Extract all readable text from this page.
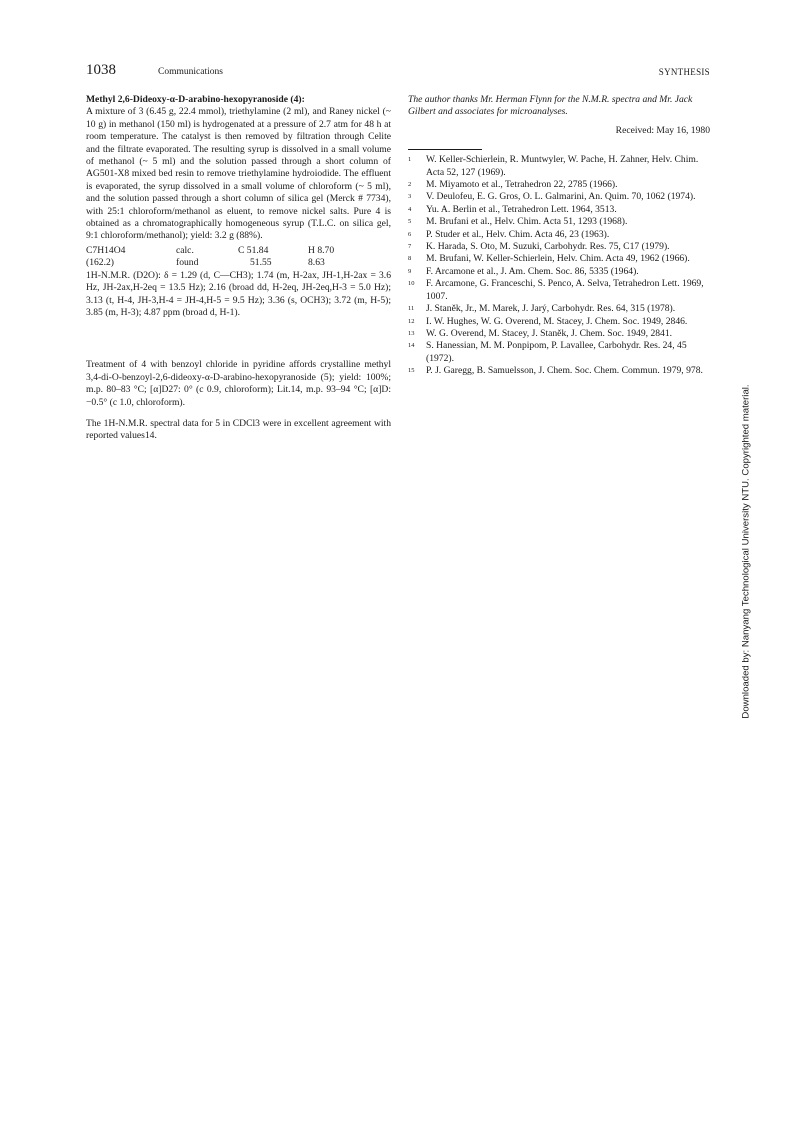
1038	Communications	SYNTHESIS

Methyl 2,6-Dideoxy-α-D-arabino-hexopyranoside (4):

A mixture of 3 (6.45 g, 22.4 mmol), triethylamine (2 ml), and Raney nickel (~ 10 g) in methanol (150 ml) is hydrogenated at a pressure of 2.7 atm for 48 h at room temperature. The catalyst is then removed by filtration through Celite and the filtrate evaporated. The resulting syrup is dissolved in a small volume of methanol (~ 5 ml) and the solution passed through a short column of AG501-X8 mixed bed resin to remove triethylamine hydroiodide. The effluent is evaporated, the syrup dissolved in a small volume of chloroform (~ 5 ml), and the solution passed through a short column of silica gel (Merck # 7734), with 25:1 chloroform/methanol as eluent, to remove nickel salts. Pure 4 is obtained as a chromatographically homogeneous syrup (T.L.C. on silica gel, 9:1 chloroform/methanol); yield: 3.2 g (88%).

C7H14O4	calc.	C 51.84	H 8.70
(162.2)	found	51.55	8.63

1H-N.M.R. (D2O): δ = 1.29 (d, C—CH3); 1.74 (m, H-2ax, JH-1,H-2ax = 3.6 Hz, JH-2ax,H-2eq = 13.5 Hz); 2.16 (broad dd, H-2eq, JH-2eq,H-3 = 5.0 Hz); 3.13 (t, H-4, JH-3,H-4 = JH-4,H-5 = 9.5 Hz); 3.36 (s, OCH3); 3.72 (m, H-5); 3.85 (m, H-3); 4.87 ppm (broad d, H-1).

Treatment of 4 with benzoyl chloride in pyridine affords crystalline methyl 3,4-di-O-benzoyl-2,6-dideoxy-α-D-arabino-hexopyranoside (5); yield: 100%; m.p. 80–83 °C; [α]D27: 0° (c 0.9, chloroform); Lit.14, m.p. 93–94 °C; [α]D: −0.5° (c 1.0, chloroform).

The 1H-N.M.R. spectral data for 5 in CDCl3 were in excellent agreement with reported values14.

The author thanks Mr. Herman Flynn for the N.M.R. spectra and Mr. Jack Gilbert and associates for microanalyses.

Received: May 16, 1980

1 W. Keller-Schierlein, R. Muntwyler, W. Pache, H. Zahner, Helv. Chim. Acta 52, 127 (1969).
2 M. Miyamoto et al., Tetrahedron 22, 2785 (1966).
3 V. Deulofeu, E. G. Gros, O. L. Galmarini, An. Quim. 70, 1062 (1974).
4 Yu. A. Berlin et al., Tetrahedron Lett. 1964, 3513.
5 M. Brufani et al., Helv. Chim. Acta 51, 1293 (1968).
6 P. Studer et al., Helv. Chim. Acta 46, 23 (1963).
7 K. Harada, S. Oto, M. Suzuki, Carbohydr. Res. 75, C17 (1979).
8 M. Brufani, W. Keller-Schierlein, Helv. Chim. Acta 49, 1962 (1966).
9 F. Arcamone et al., J. Am. Chem. Soc. 86, 5335 (1964).
10 F. Arcamone, G. Franceschi, S. Penco, A. Selva, Tetrahedron Lett. 1969, 1007.
11 J. Staněk, Jr., M. Marek, J. Jarý, Carbohydr. Res. 64, 315 (1978).
12 I. W. Hughes, W. G. Overend, M. Stacey, J. Chem. Soc. 1949, 2846.
13 W. G. Overend, M. Stacey, J. Staněk, J. Chem. Soc. 1949, 2841.
14 S. Hanessian, M. M. Ponpipom, P. Lavallee, Carbohydr. Res. 24, 45 (1972).
15 P. J. Garegg, B. Samuelsson, J. Chem. Soc. Chem. Commun. 1979, 978.
Downloaded by: Nanyang Technological University NTU. Copyrighted material.
